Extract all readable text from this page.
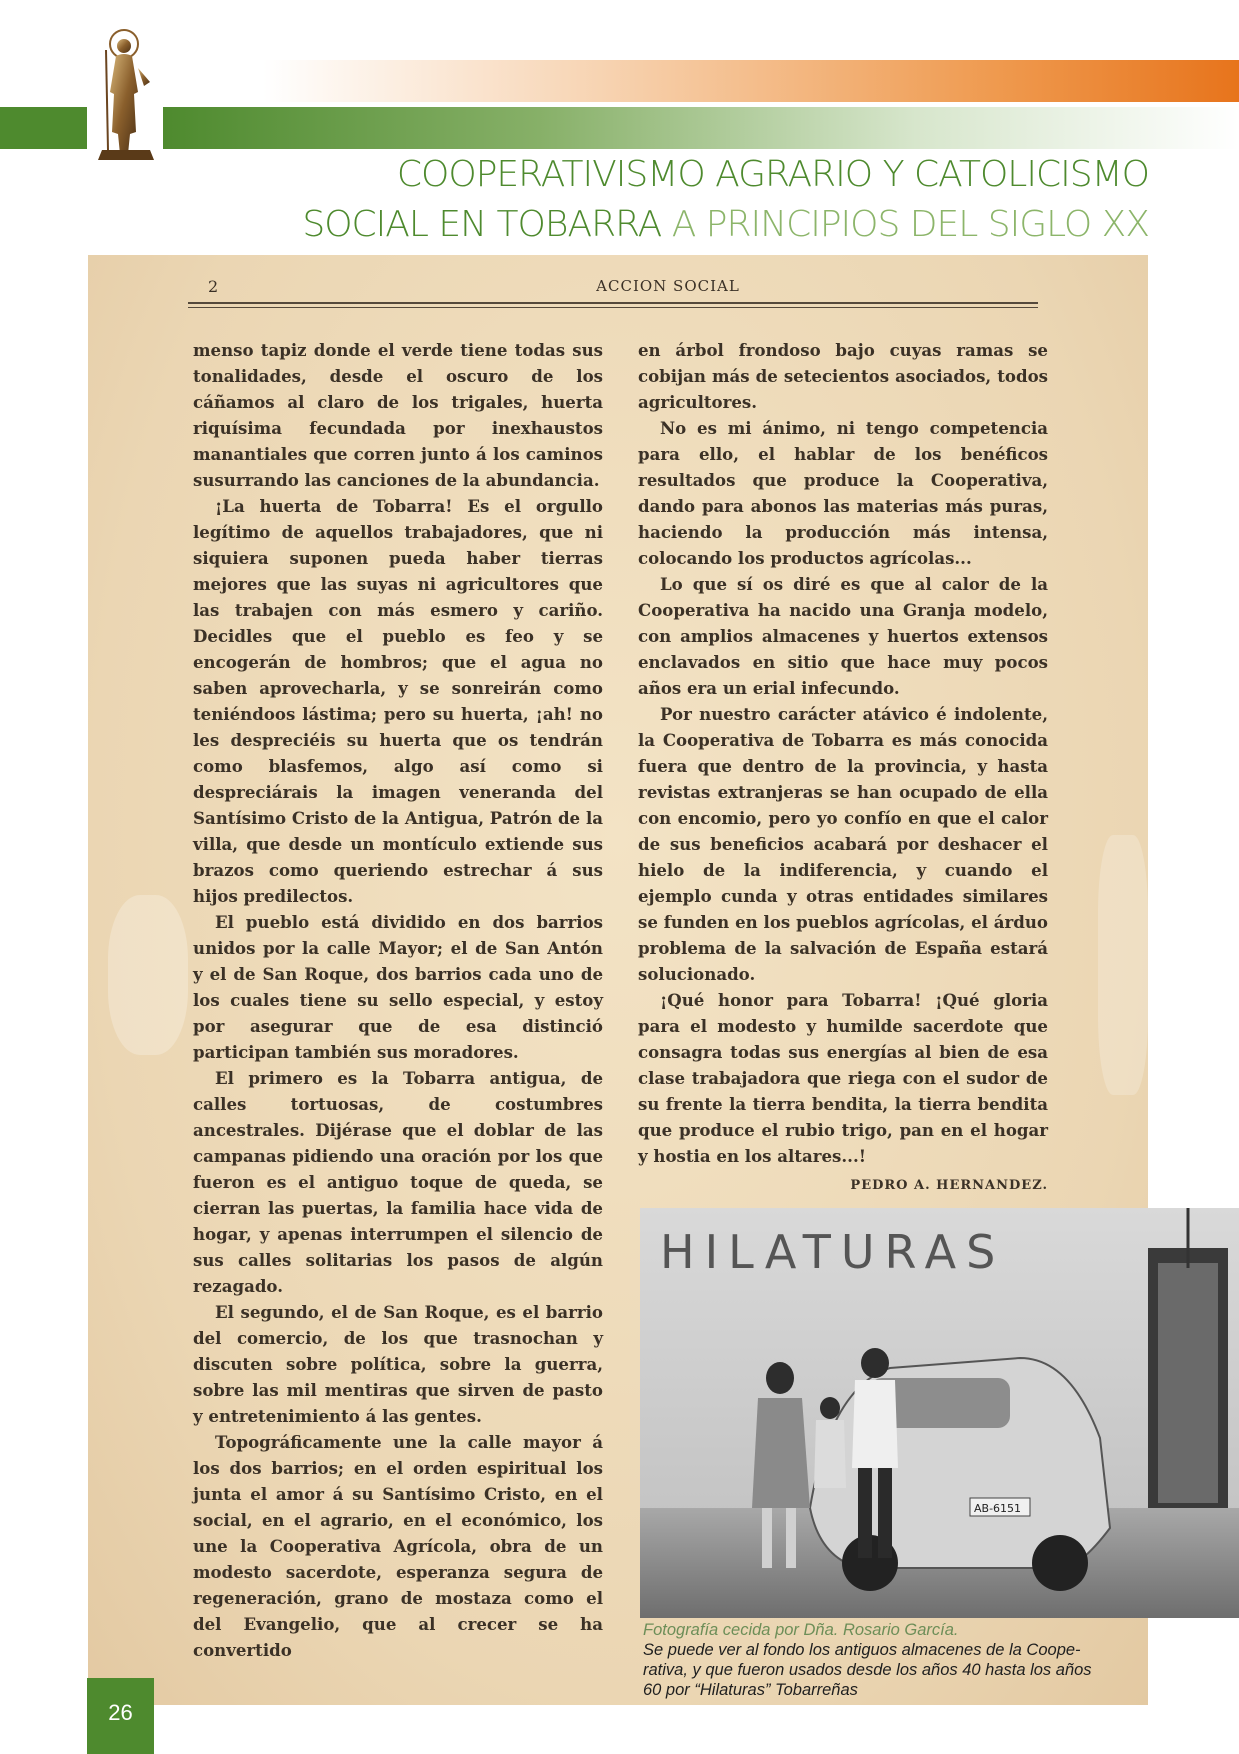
COOPERATIVISMO AGRARIO Y CATOLICISMO
SOCIAL EN TOBARRA A PRINCIPIOS DEL SIGLO XX
2	ACCION SOCIAL

menso tapiz donde el verde tiene todas sus tonalidades, desde el oscuro de los cáñamos al claro de los trigales, huerta riquísima fecundada por inexhaustos manantiales que corren junto á los caminos susurrando las canciones de la abundancia.

¡La huerta de Tobarra! Es el orgullo legítimo de aquellos trabajadores, que ni siquiera suponen pueda haber tierras mejores que las suyas ni agricultores que las trabajen con más esmero y cariño. Decidles que el pueblo es feo y se encogerán de hombros; que el agua no saben aprovecharla, y se sonreirán como teniéndoos lástima; pero su huerta, ¡ah! no les despreciéis su huerta que os tendrán como blasfemos, algo así como si despreciárais la imagen veneranda del Santísimo Cristo de la Antigua, Patrón de la villa, que desde un montículo extiende sus brazos como queriendo estrechar á sus hijos predilectos.

El pueblo está dividido en dos barrios unidos por la calle Mayor; el de San Antón y el de San Roque, dos barrios cada uno de los cuales tiene su sello especial, y estoy por asegurar que de esa distinció participan también sus moradores.

El primero es la Tobarra antigua, de calles tortuosas, de costumbres ancestrales. Dijérase que el doblar de las campanas pidiendo una oración por los que fueron es el antiguo toque de queda, se cierran las puertas, la familia hace vida de hogar, y apenas interrumpen el silencio de sus calles solitarias los pasos de algún rezagado.

El segundo, el de San Roque, es el barrio del comercio, de los que trasnochan y discuten sobre política, sobre la guerra, sobre las mil mentiras que sirven de pasto y entretenimiento á las gentes.

Topográficamente une la calle mayor á los dos barrios; en el orden espiritual los junta el amor á su Santísimo Cristo, en el social, en el agrario, en el económico, los une la Cooperativa Agrícola, obra de un modesto sacerdote, esperanza segura de regeneración, grano de mostaza como el del Evangelio, que al crecer se ha convertido

en árbol frondoso bajo cuyas ramas se cobijan más de setecientos asociados, todos agricultores.

No es mi ánimo, ni tengo competencia para ello, el hablar de los benéficos resultados que produce la Cooperativa, dando para abonos las materias más puras, haciendo la producción más intensa, colocando los productos agrícolas...

Lo que sí os diré es que al calor de la Cooperativa ha nacido una Granja modelo, con amplios almacenes y huertos extensos enclavados en sitio que hace muy pocos años era un erial infecundo.

Por nuestro carácter atávico é indolente, la Cooperativa de Tobarra es más conocida fuera que dentro de la provincia, y hasta revistas extranjeras se han ocupado de ella con encomio, pero yo confío en que el calor de sus beneficios acabará por deshacer el hielo de la indiferencia, y cuando el ejemplo cunda y otras entidades similares se funden en los pueblos agrícolas, el árduo problema de la salvación de España estará solucionado.

¡Qué honor para Tobarra! ¡Qué gloria para el modesto y humilde sacerdote que consagra todas sus energías al bien de esa clase trabajadora que riega con el sudor de su frente la tierra bendita, la tierra bendita que produce el rubio trigo, pan en el hogar y hostia en los altares...!

PEDRO A. HERNANDEZ.

HILATURAS
AB-6151
Fotografía cecida por Dña. Rosario García.
Se puede ver al fondo los antiguos almacenes de la Coope-
rativa, y que fueron usados desde los años 40 hasta los años
60 por “Hilaturas” Tobarreñas
26
